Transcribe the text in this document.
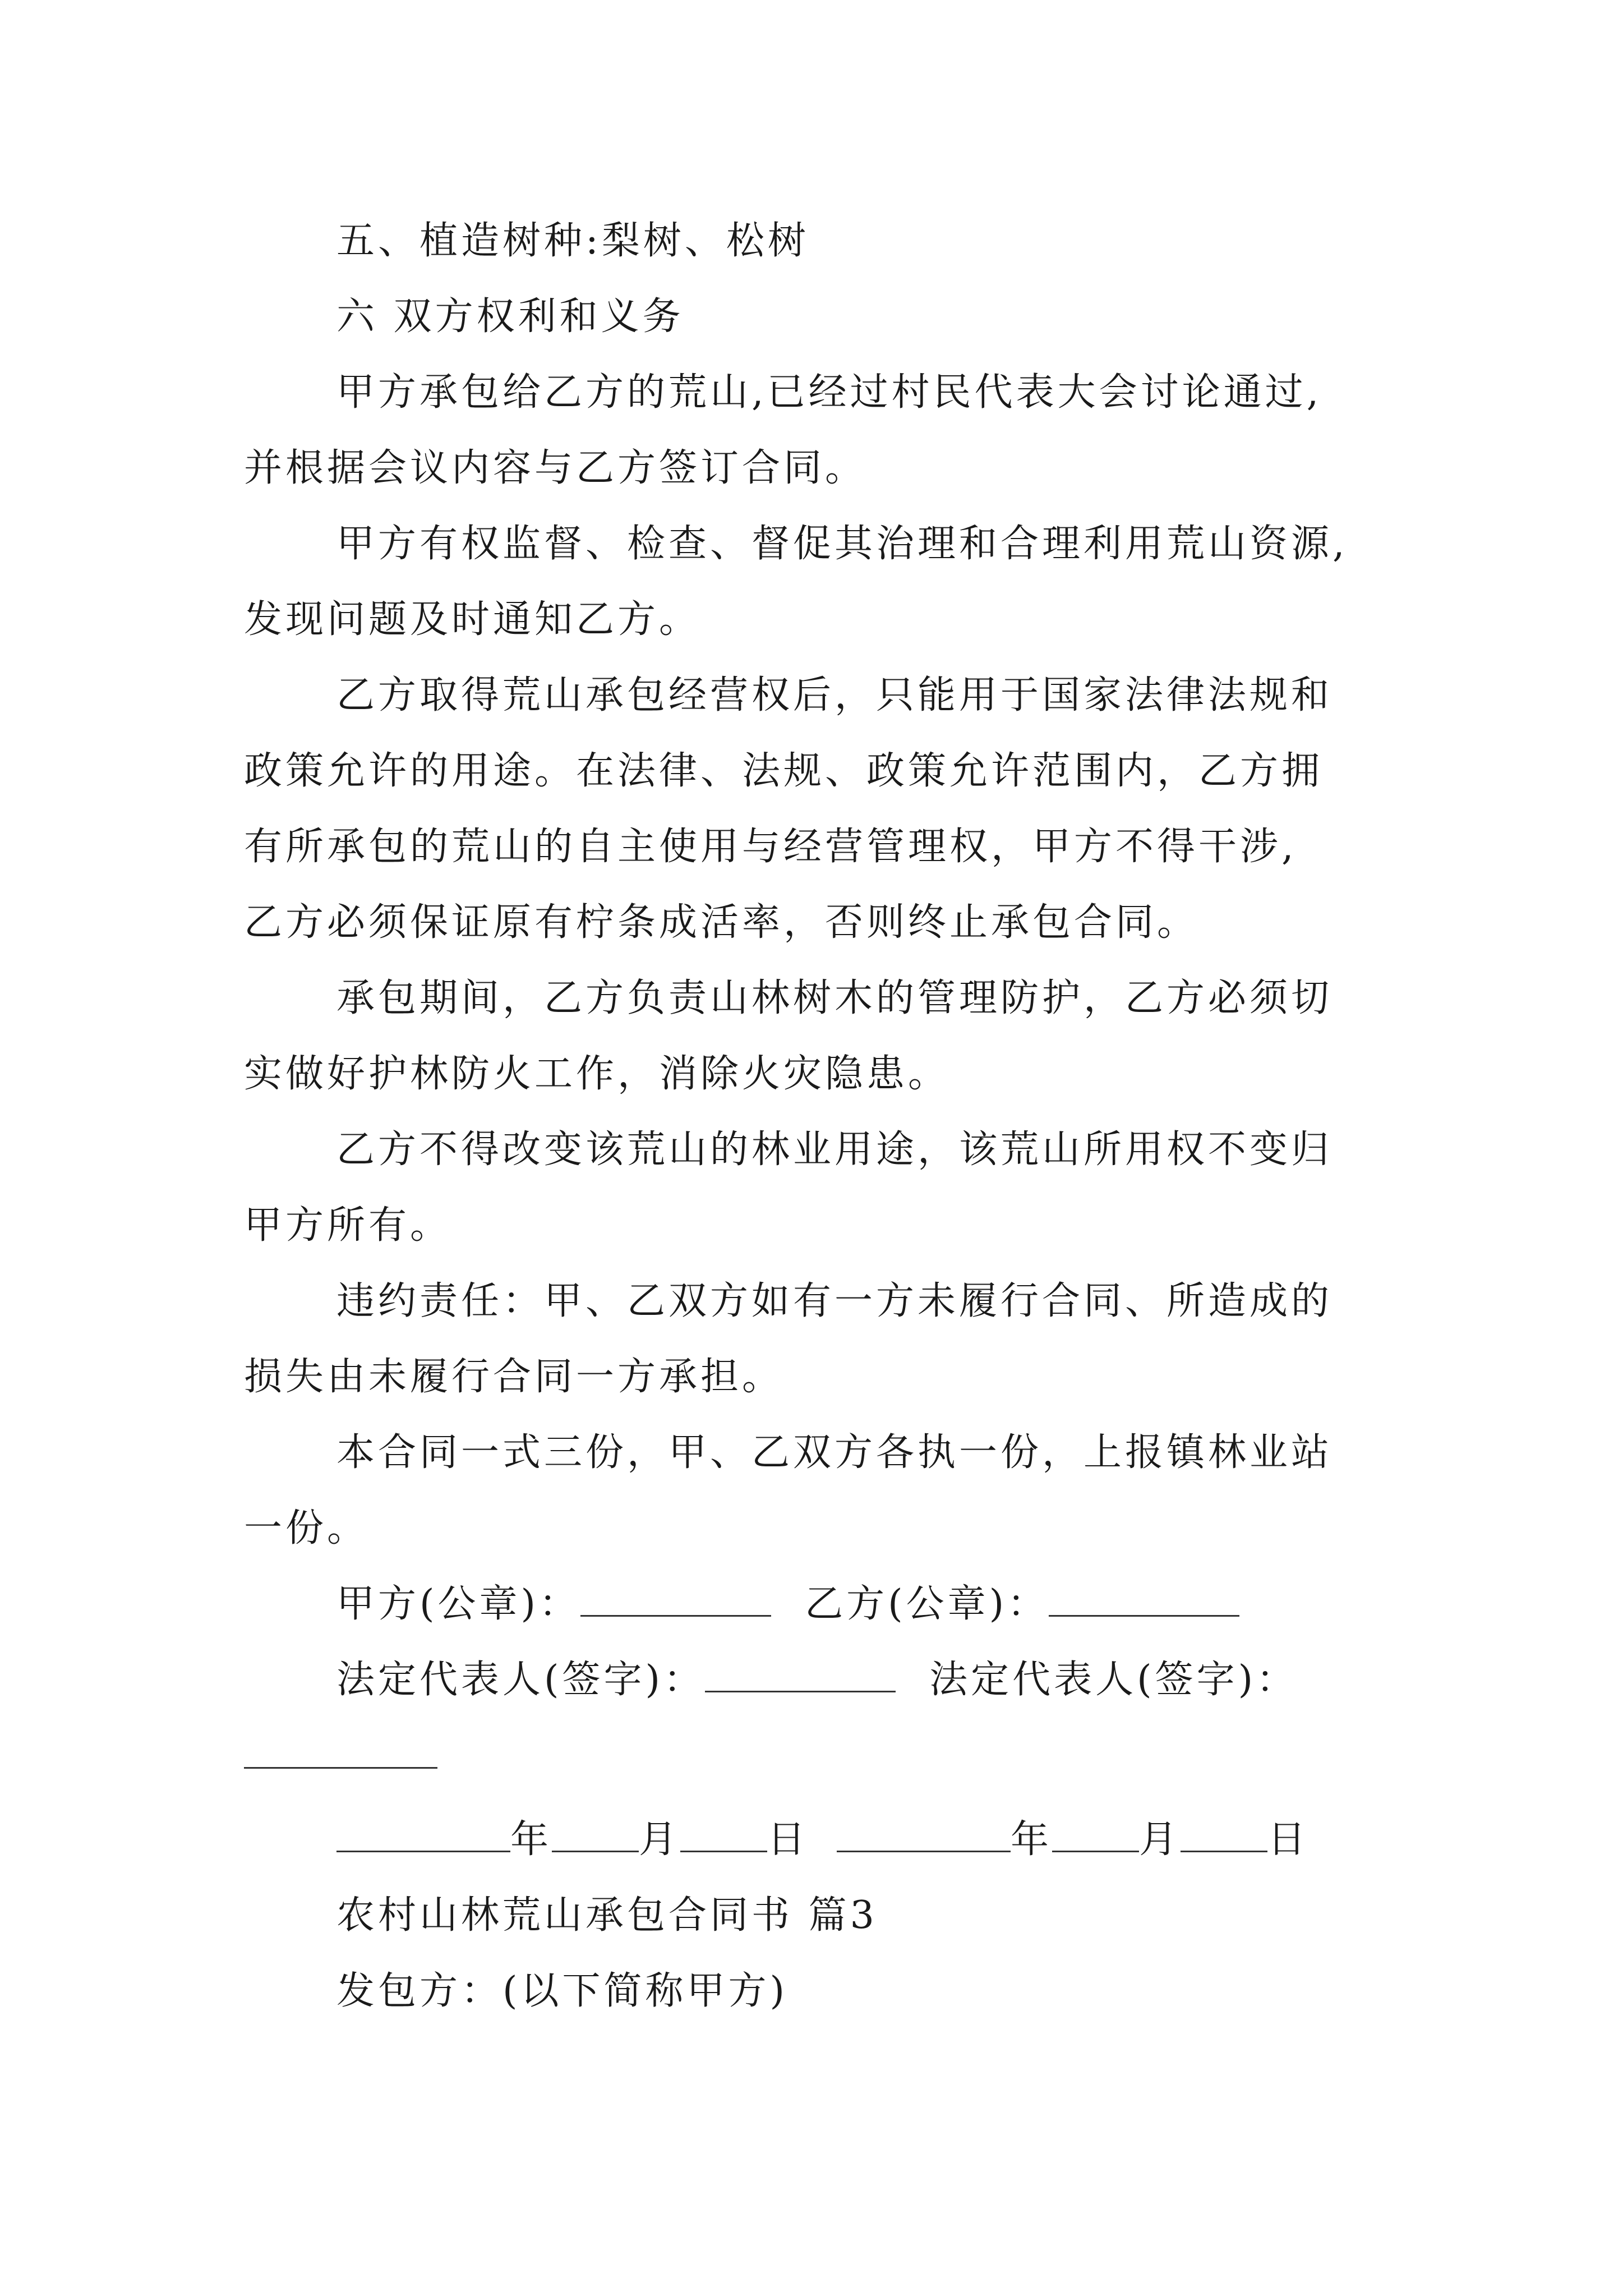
五、植造树种:梨树、松树
六 双方权利和义务
甲方承包给乙方的荒山,已经过村民代表大会讨论通过,
并根据会议内容与乙方签订合同。
甲方有权监督、检查、督促其治理和合理利用荒山资源,
发现问题及时通知乙方。
乙方取得荒山承包经营权后，只能用于国家法律法规和
政策允许的用途。在法律、法规、政策允许范围内，乙方拥
有所承包的荒山的自主使用与经营管理权，甲方不得干涉,
乙方必须保证原有柠条成活率，否则终止承包合同。
承包期间，乙方负责山林树木的管理防护，乙方必须切
实做好护林防火工作，消除火灾隐患。
乙方不得改变该荒山的林业用途，该荒山所用权不变归
甲方所有。
违约责任：甲、乙双方如有一方未履行合同、所造成的
损失由未履行合同一方承担。
本合同一式三份，甲、乙双方各执一份，上报镇林业站
一份。
甲方(公章)：	乙方(公章)：
法定代表人(签字)：	法定代表人(签字)：
年 月 日	年 月 日
农村山林荒山承包合同书 篇3
发包方：(以下简称甲方)
